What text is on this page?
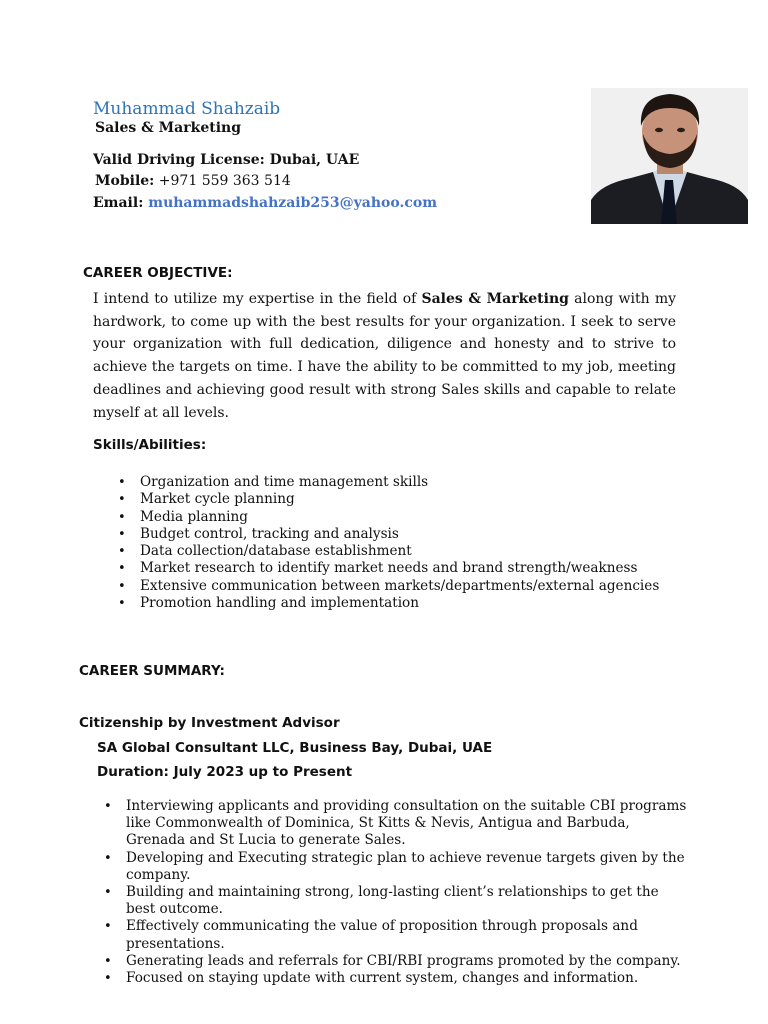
Muhammad Shahzaib
Sales & Marketing
Valid Driving License: Dubai, UAE
Mobile: +971 559 363 514
Email: muhammadshahzaib253@yahoo.com
CAREER OBJECTIVE:
I intend to utilize my expertise in the field of Sales & Marketing along with my hardwork, to come up with the best results for your organization. I seek to serve your organization with full dedication, diligence and honesty and to strive to achieve the targets on time. I have the ability to be committed to my job, meeting deadlines and achieving good result with strong Sales skills and capable to relate myself at all levels.
Skills/Abilities:
• Organization and time management skills
• Market cycle planning
• Media planning
• Budget control, tracking and analysis
• Data collection/database establishment
• Market research to identify market needs and brand strength/weakness
• Extensive communication between markets/departments/external agencies
• Promotion handling and implementation
CAREER SUMMARY:
Citizenship by Investment Advisor
SA Global Consultant LLC, Business Bay, Dubai, UAE
Duration: July 2023 up to Present
• Interviewing applicants and providing consultation on the suitable CBI programs like Commonwealth of Dominica, St Kitts & Nevis, Antigua and Barbuda, Grenada and St Lucia to generate Sales.
• Developing and Executing strategic plan to achieve revenue targets given by the company.
• Building and maintaining strong, long-lasting client’s relationships to get the best outcome.
• Effectively communicating the value of proposition through proposals and presentations.
• Generating leads and referrals for CBI/RBI programs promoted by the company.
• Focused on staying update with current system, changes and information.
